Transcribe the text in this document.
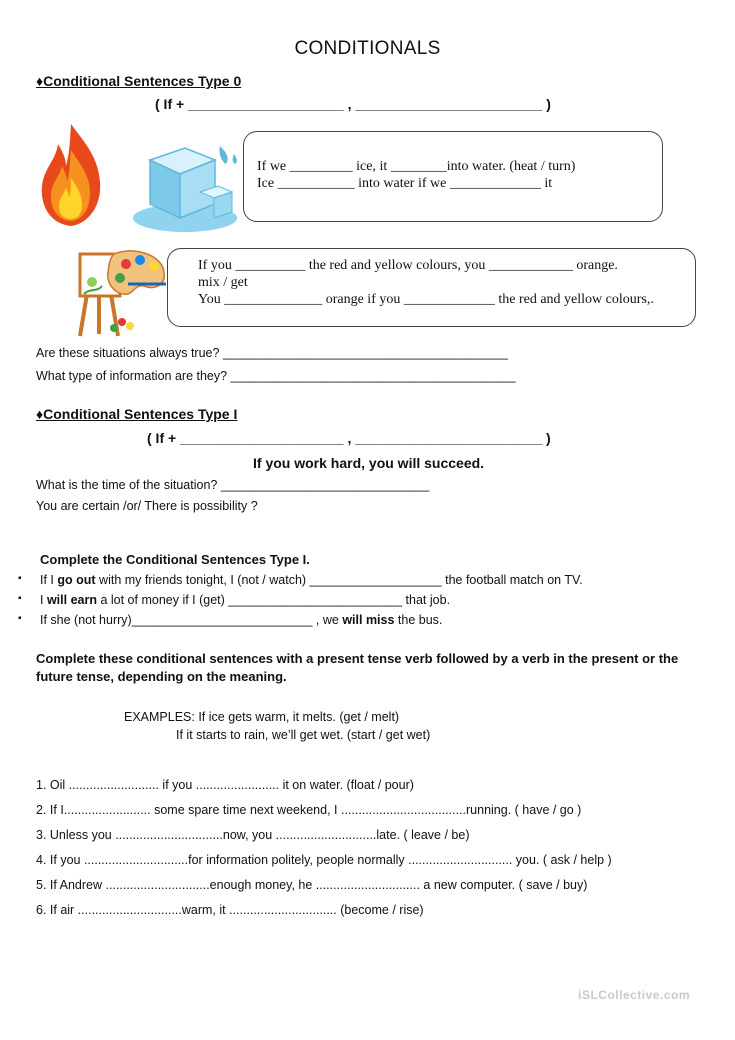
CONDITIONALS
♦Conditional Sentences Type 0
( If + ____________________ , ________________________ )
If we _________ ice, it ________into water. (heat / turn)
Ice ___________ into water if we _____________ it
If you __________ the red and yellow colours, you ____________ orange.
mix / get
You ______________ orange if you _____________ the red and yellow colours,.
Are these situations always true? _________________________________________
What type of information are they? _________________________________________
♦Conditional Sentences Type I
( If + _____________________ , ________________________ )
If you work hard, you will succeed.
What is the time of the situation? ______________________________
You are certain /or/ There is possibility ?
Complete the Conditional Sentences Type I.
▪ If I go out with my friends tonight, I (not / watch) ___________________ the football match on TV.
▪ I will earn a lot of money if I (get) _________________________ that job.
▪ If she (not hurry)__________________________ , we will miss the bus.
Complete these conditional sentences with a present tense verb followed by a verb in the present or the
future tense, depending on the meaning.
EXAMPLES: If ice gets warm, it melts. (get / melt)
If it starts to rain, we’ll get wet. (start / get wet)
1. Oil .......................... if you ........................ it on water. (float / pour)
2. If I......................... some spare time next weekend, I ....................................running. ( have / go )
3. Unless you ...............................now, you .............................late. ( leave / be)
4. If you ..............................for information politely, people normally .............................. you. ( ask / help )
5. If Andrew ..............................enough money, he .............................. a new computer. ( save / buy)
6. If air ..............................warm, it ............................... (become / rise)
iSLCollective.com
